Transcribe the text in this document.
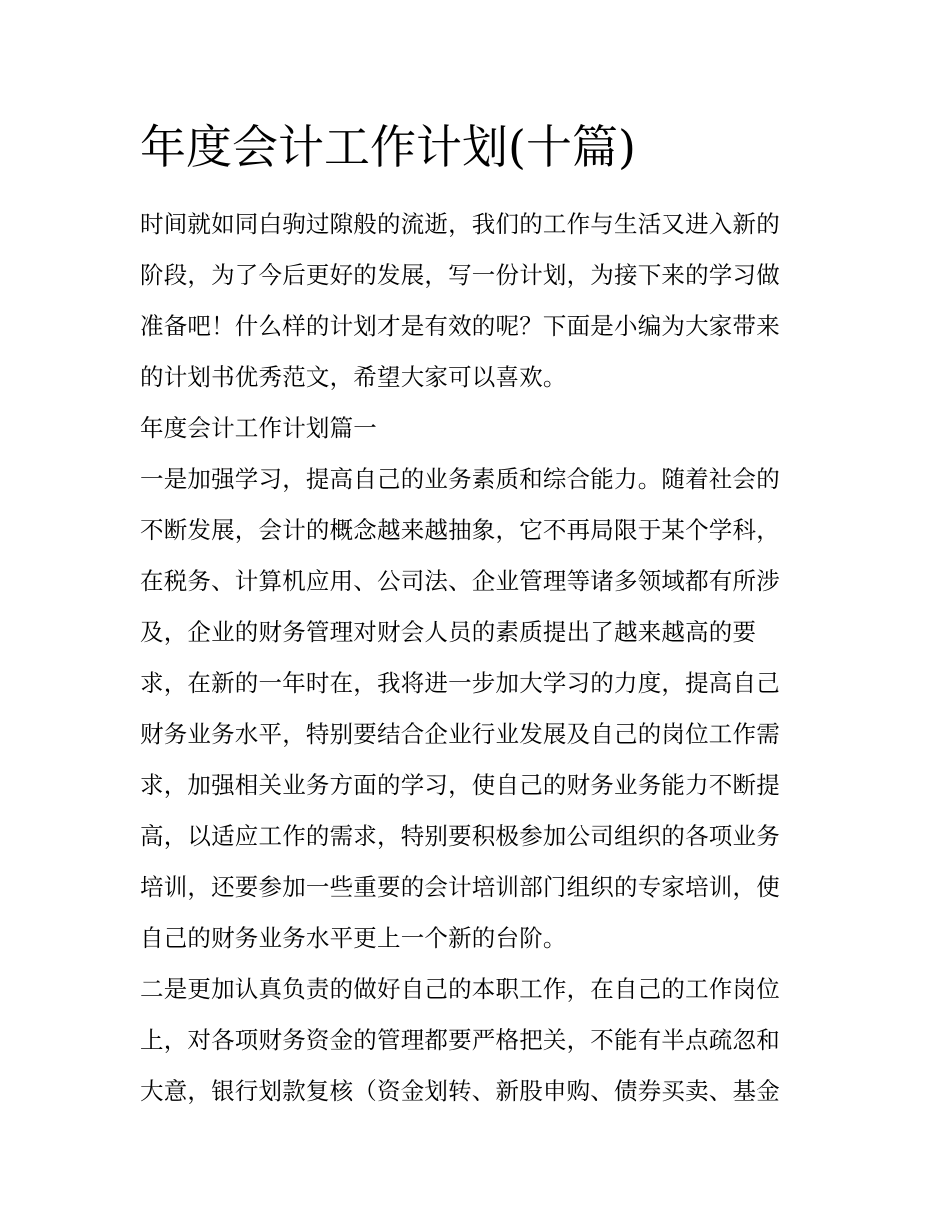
年度会计工作计划(十篇)
时间就如同白驹过隙般的流逝，我们的工作与生活又进入新的
阶段，为了今后更好的发展，写一份计划，为接下来的学习做
准备吧！什么样的计划才是有效的呢？下面是小编为大家带来
的计划书优秀范文，希望大家可以喜欢。
年度会计工作计划篇一
一是加强学习，提高自己的业务素质和综合能力。随着社会的
不断发展，会计的概念越来越抽象，它不再局限于某个学科，
在税务、计算机应用、公司法、企业管理等诸多领域都有所涉
及，企业的财务管理对财会人员的素质提出了越来越高的要
求，在新的一年时在，我将进一步加大学习的力度，提高自己
财务业务水平，特别要结合企业行业发展及自己的岗位工作需
求，加强相关业务方面的学习，使自己的财务业务能力不断提
高，以适应工作的需求，特别要积极参加公司组织的各项业务
培训，还要参加一些重要的会计培训部门组织的专家培训，使
自己的财务业务水平更上一个新的台阶。
二是更加认真负责的做好自己的本职工作，在自己的工作岗位
上，对各项财务资金的管理都要严格把关，不能有半点疏忽和
大意，银行划款复核（资金划转、新股申购、债券买卖、基金
